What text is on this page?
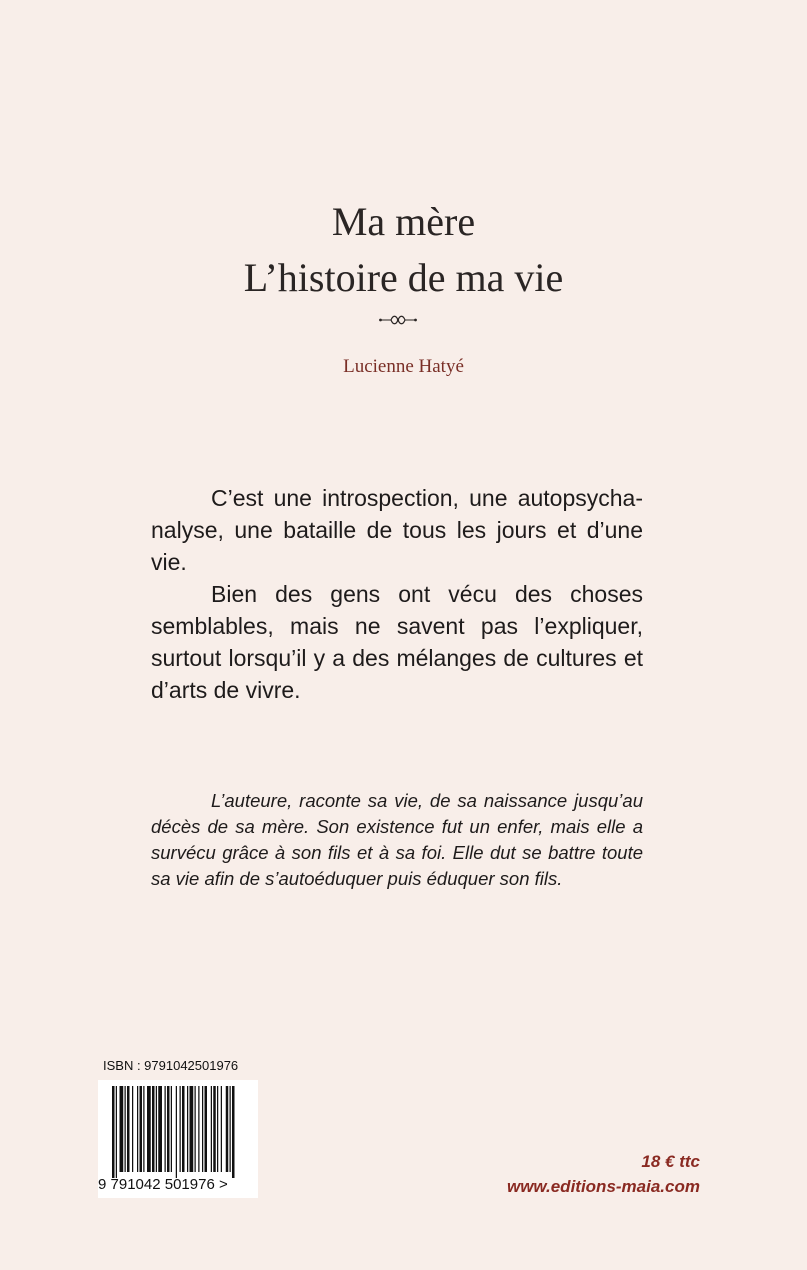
Ma mère
L’histoire de ma vie
Lucienne Hatyé

C’est une introspection, une autopsycha-nalyse, une bataille de tous les jours et d’une vie.

Bien des gens ont vécu des choses semblables, mais ne savent pas l’expliquer, surtout lorsqu’il y a des mélanges de cultures et d’arts de vivre.

L’auteure, raconte sa vie, de sa naissance jusqu’au décès de sa mère. Son existence fut un enfer, mais elle a survécu grâce à son fils et à sa foi. Elle dut se battre toute sa vie afin de s’autoéduquer puis éduquer son fils.

ISBN : 9791042501976
9 791042 501976 >
18 € ttc
www.editions-maia.com
